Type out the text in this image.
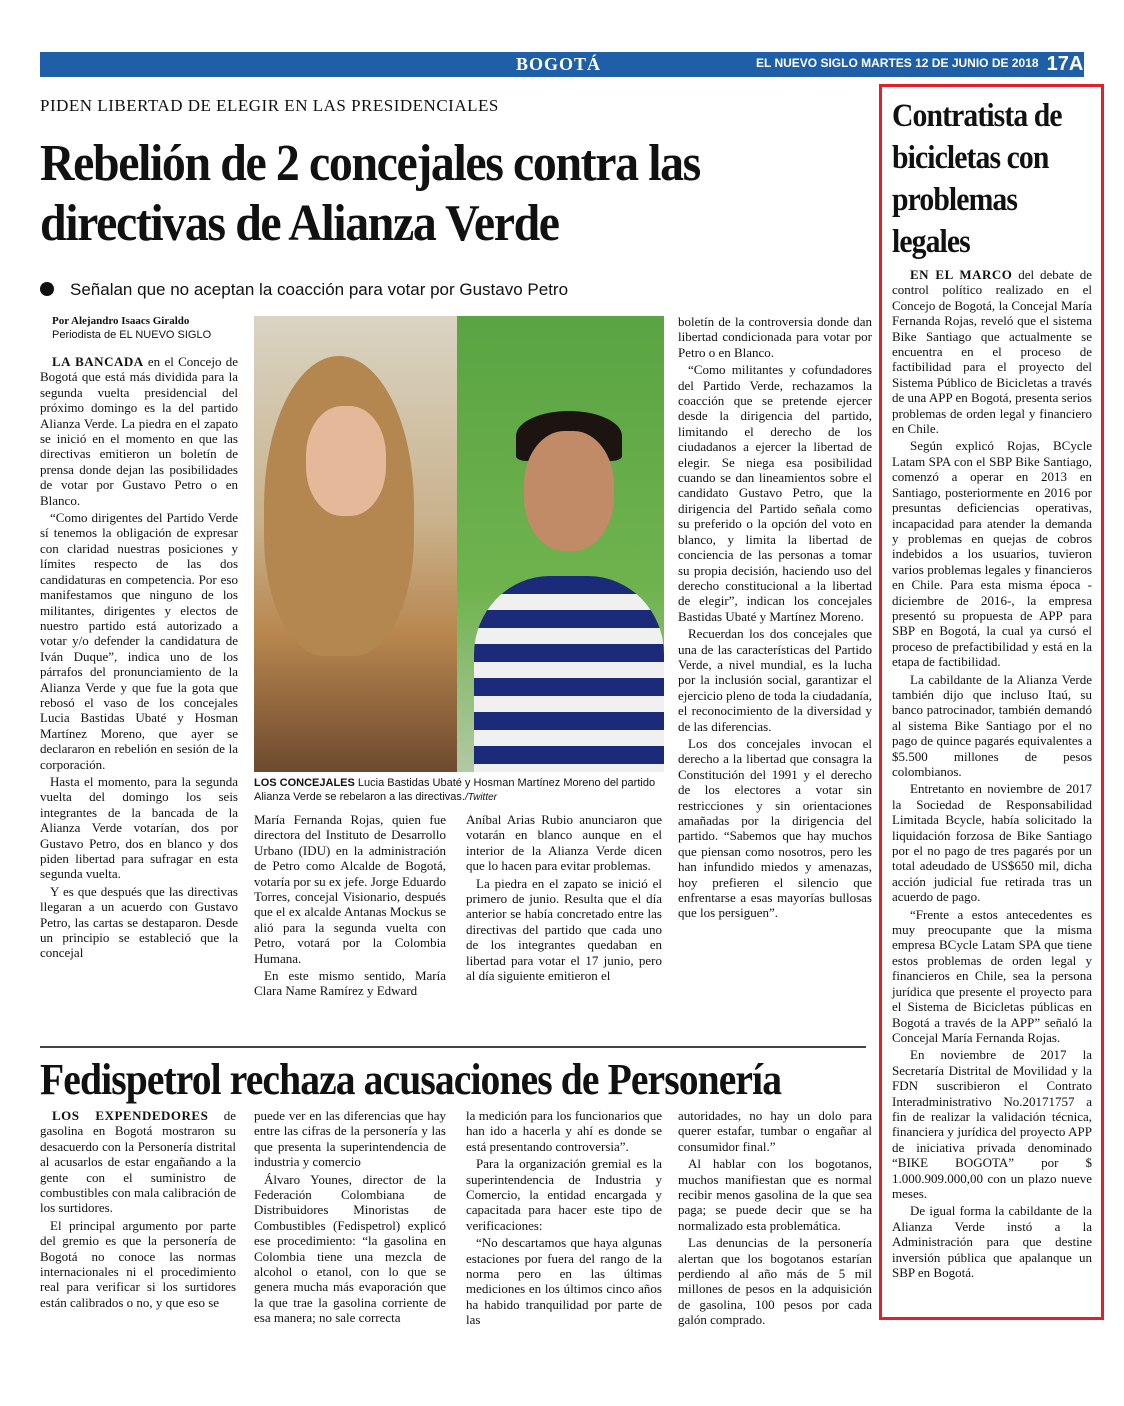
BOGOTÁ	EL NUEVO SIGLO MARTES 12 DE JUNIO DE 2018 17A
PIDEN LIBERTAD DE ELEGIR EN LAS PRESIDENCIALES
Rebelión de 2 concejales contra las directivas de Alianza Verde
Señalan que no aceptan la coacción para votar por Gustavo Petro
Por Alejandro Isaacs Giraldo
Periodista de EL NUEVO SIGLO

LA BANCADA en el Concejo de Bogotá que está más dividida para la segunda vuelta presidencial del próximo domingo es la del partido Alianza Verde. La piedra en el zapato se inició en el momento en que las directivas emitieron un boletín de prensa donde dejan las posibilidades de votar por Gustavo Petro o en Blanco.

“Como dirigentes del Partido Verde sí tenemos la obligación de expresar con claridad nuestras posiciones y límites respecto de las dos candidaturas en competencia. Por eso manifestamos que ninguno de los militantes, dirigentes y electos de nuestro partido está autorizado a votar y/o defender la candidatura de Iván Duque”, indica uno de los párrafos del pronunciamiento de la Alianza Verde y que fue la gota que rebosó el vaso de los concejales Lucia Bastidas Ubaté y Hosman Martínez Moreno, que ayer se declararon en rebelión en sesión de la corporación.

Hasta el momento, para la segunda vuelta del domingo los seis integrantes de la bancada de la Alianza Verde votarían, dos por Gustavo Petro, dos en blanco y dos piden libertad para sufragar en esta segunda vuelta.

Y es que después que las directivas llegaran a un acuerdo con Gustavo Petro, las cartas se destaparon. Desde un principio se estableció que la concejal

LOS CONCEJALES Lucia Bastidas Ubaté y Hosman Martínez Moreno del partido Alianza Verde se rebelaron a las directivas./Twitter

María Fernanda Rojas, quien fue directora del Instituto de Desarrollo Urbano (IDU) en la administración de Petro como Alcalde de Bogotá, votaría por su ex jefe. Jorge Eduardo Torres, concejal Visionario, después que el ex alcalde Antanas Mockus se alió para la segunda vuelta con Petro, votará por la Colombia Humana.

En este mismo sentido, María Clara Name Ramírez y Edward

Aníbal Arias Rubio anunciaron que votarán en blanco aunque en el interior de la Alianza Verde dicen que lo hacen para evitar problemas.

La piedra en el zapato se inició el primero de junio. Resulta que el día anterior se había concretado entre las directivas del partido que cada uno de los integrantes quedaban en libertad para votar el 17 junio, pero al día siguiente emitieron el

boletín de la controversia donde dan libertad condicionada para votar por Petro o en Blanco.

“Como militantes y cofundadores del Partido Verde, rechazamos la coacción que se pretende ejercer desde la dirigencia del partido, limitando el derecho de los ciudadanos a ejercer la libertad de elegir. Se niega esa posibilidad cuando se dan lineamientos sobre el candidato Gustavo Petro, que la dirigencia del Partido señala como su preferido o la opción del voto en blanco, y limita la libertad de conciencia de las personas a tomar su propia decisión, haciendo uso del derecho constitucional a la libertad de elegir”, indican los concejales Bastidas Ubaté y Martínez Moreno.

Recuerdan los dos concejales que una de las características del Partido Verde, a nivel mundial, es la lucha por la inclusión social, garantizar el ejercicio pleno de toda la ciudadanía, el reconocimiento de la diversidad y de las diferencias.

Los dos concejales invocan el derecho a la libertad que consagra la Constitución del 1991 y el derecho de los electores a votar sin restricciones y sin orientaciones amañadas por la dirigencia del partido. “Sabemos que hay muchos que piensan como nosotros, pero les han infundido miedos y amenazas, hoy prefieren el silencio que enfrentarse a esas mayorías bullosas que los persiguen”.

Fedispetrol rechaza acusaciones de Personería

LOS EXPENDEDORES de gasolina en Bogotá mostraron su desacuerdo con la Personería distrital al acusarlos de estar engañando a la gente con el suministro de combustibles con mala calibración de los surtidores.

El principal argumento por parte del gremio es que la personería de Bogotá no conoce las normas internacionales ni el procedimiento real para verificar si los surtidores están calibrados o no, y que eso se

puede ver en las diferencias que hay entre las cifras de la personería y las que presenta la superintendencia de industria y comercio

Álvaro Younes, director de la Federación Colombiana de Distribuidores Minoristas de Combustibles (Fedispetrol) explicó ese procedimiento: “la gasolina en Colombia tiene una mezcla de alcohol o etanol, con lo que se genera mucha más evaporación que la que trae la gasolina corriente de esa manera; no sale correcta

la medición para los funcionarios que han ido a hacerla y ahí es donde se está presentando controversia”.

Para la organización gremial es la superintendencia de Industria y Comercio, la entidad encargada y capacitada para hacer este tipo de verificaciones:

“No descartamos que haya algunas estaciones por fuera del rango de la norma pero en las últimas mediciones en los últimos cinco años ha habido tranquilidad por parte de las

autoridades, no hay un dolo para querer estafar, tumbar o engañar al consumidor final.”

Al hablar con los bogotanos, muchos manifiestan que es normal recibir menos gasolina de la que sea paga; se puede decir que se ha normalizado esta problemática.

Las denuncias de la personería alertan que los bogotanos estarían perdiendo al año más de 5 mil millones de pesos en la adquisición de gasolina, 100 pesos por cada galón comprado.

Contratista de bicicletas con problemas legales

EN EL MARCO del debate de control político realizado en el Concejo de Bogotá, la Concejal María Fernanda Rojas, reveló que el sistema Bike Santiago que actualmente se encuentra en el proceso de factibilidad para el proyecto del Sistema Público de Bicicletas a través de una APP en Bogotá, presenta serios problemas de orden legal y financiero en Chile.

Según explicó Rojas, BCycle Latam SPA con el SBP Bike Santiago, comenzó a operar en 2013 en Santiago, posteriormente en 2016 por presuntas deficiencias operativas, incapacidad para atender la demanda y problemas en quejas de cobros indebidos a los usuarios, tuvieron varios problemas legales y financieros en Chile. Para esta misma época -diciembre de 2016-, la empresa presentó su propuesta de APP para SBP en Bogotá, la cual ya cursó el proceso de prefactibilidad y está en la etapa de factibilidad.

La cabildante de la Alianza Verde también dijo que incluso Itaú, su banco patrocinador, también demandó al sistema Bike Santiago por el no pago de quince pagarés equivalentes a $5.500 millones de pesos colombianos.

Entretanto en noviembre de 2017 la Sociedad de Responsabilidad Limitada Bcycle, había solicitado la liquidación forzosa de Bike Santiago por el no pago de tres pagarés por un total adeudado de US$650 mil, dicha acción judicial fue retirada tras un acuerdo de pago.

“Frente a estos antecedentes es muy preocupante que la misma empresa BCycle Latam SPA que tiene estos problemas de orden legal y financieros en Chile, sea la persona jurídica que presente el proyecto para el Sistema de Bicicletas públicas en Bogotá a través de la APP” señaló la Concejal María Fernanda Rojas.

En noviembre de 2017 la Secretaría Distrital de Movilidad y la FDN suscribieron el Contrato Interadministrativo No.20171757 a fin de realizar la validación técnica, financiera y jurídica del proyecto APP de iniciativa privada denominado “BIKE BOGOTA” por $ 1.000.909.000,00 con un plazo nueve meses.

De igual forma la cabildante de la Alianza Verde instó a la Administración para que destine inversión pública que apalanque un SBP en Bogotá.
